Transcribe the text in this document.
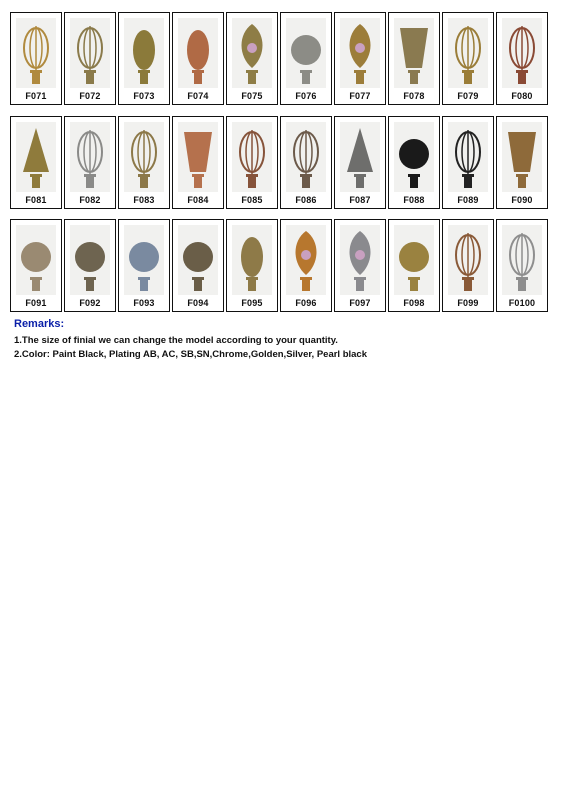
F071	F072	F073	F074	F075	F076	F077	F078	F079	F080
F081	F082	F083	F084	F085	F086	F087	F088	F089	F090
F091	F092	F093	F094	F095	F096	F097	F098	F099	F0100
Remarks:
1.The size of finial we can change the model according to your quantity.
2.Color: Paint Black, Plating AB, AC, SB,SN,Chrome,Golden,Silver, Pearl black
